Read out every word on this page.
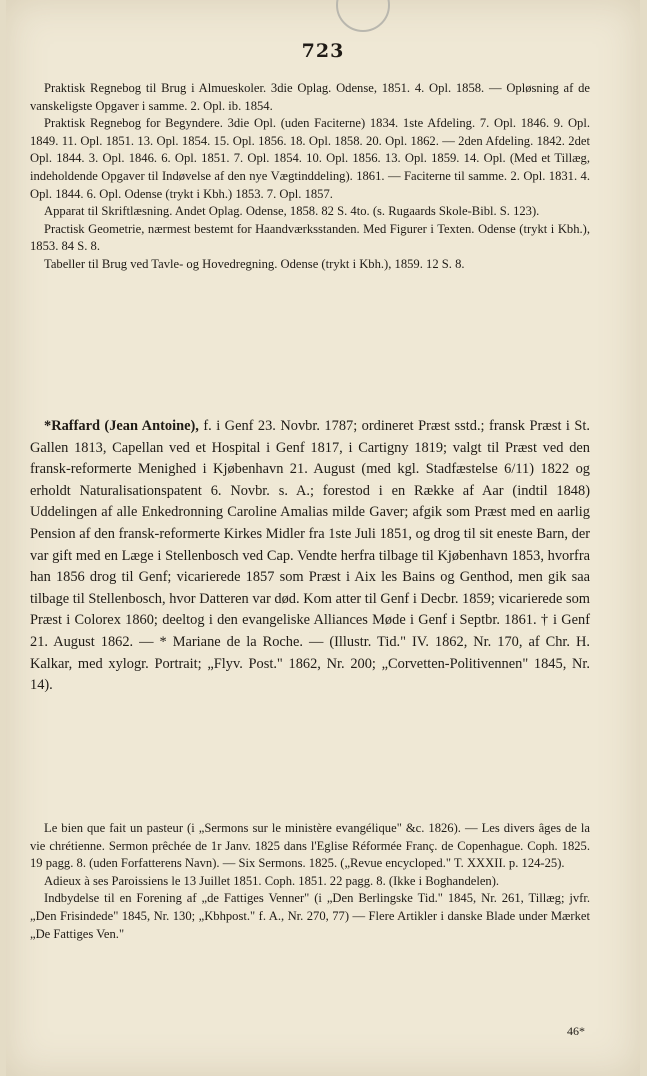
723

Praktisk Regnebog til Brug i Almueskoler. 3die Oplag. Odense, 1851. 4. Opl. 1858. — Opløsning af de vanskeligste Opgaver i samme. 2. Opl. ib. 1854.

Praktisk Regnebog for Begyndere. 3die Opl. (uden Faciterne) 1834. 1ste Afdeling. 7. Opl. 1846. 9. Opl. 1849. 11. Opl. 1851. 13. Opl. 1854. 15. Opl. 1856. 18. Opl. 1858. 20. Opl. 1862. — 2den Afdeling. 1842. 2det Opl. 1844. 3. Opl. 1846. 6. Opl. 1851. 7. Opl. 1854. 10. Opl. 1856. 13. Opl. 1859. 14. Opl. (Med et Tillæg, indeholdende Opgaver til Indøvelse af den nye Vægtinddeling). 1861. — Faciterne til samme. 2. Opl. 1831. 4. Opl. 1844. 6. Opl. Odense (trykt i Kbh.) 1853. 7. Opl. 1857.

Apparat til Skriftlæsning. Andet Oplag. Odense, 1858. 82 S. 4to. (s. Rugaards Skole-Bibl. S. 123).

Practisk Geometrie, nærmest bestemt for Haandværksstanden. Med Figurer i Texten. Odense (trykt i Kbh.), 1853. 84 S. 8.

Tabeller til Brug ved Tavle- og Hovedregning. Odense (trykt i Kbh.), 1859. 12 S. 8.

*Raffard (Jean Antoine), f. i Genf 23. Novbr. 1787; ordineret Præst sstd.; fransk Præst i St. Gallen 1813, Capellan ved et Hospital i Genf 1817, i Cartigny 1819; valgt til Præst ved den fransk-reformerte Menighed i Kjøbenhavn 21. August (med kgl. Stadfæstelse 6/11) 1822 og erholdt Naturalisationspatent 6. Novbr. s. A.; forestod i en Række af Aar (indtil 1848) Uddelingen af alle Enkedronning Caroline Amalias milde Gaver; afgik som Præst med en aarlig Pension af den fransk-reformerte Kirkes Midler fra 1ste Juli 1851, og drog til sit eneste Barn, der var gift med en Læge i Stellenbosch ved Cap. Vendte herfra tilbage til Kjøbenhavn 1853, hvorfra han 1856 drog til Genf; vicarierede 1857 som Præst i Aix les Bains og Genthod, men gik saa tilbage til Stellenbosch, hvor Datteren var død. Kom atter til Genf i Decbr. 1859; vicarierede som Præst i Colorex 1860; deeltog i den evangeliske Alliances Møde i Genf i Septbr. 1861. † i Genf 21. August 1862. — * Mariane de la Roche. — (Illustr. Tid." IV. 1862, Nr. 170, af Chr. H. Kalkar, med xylogr. Portrait; „Flyv. Post." 1862, Nr. 200; „Corvetten-Politivennen" 1845, Nr. 14).

Le bien que fait un pasteur (i „Sermons sur le ministère evangélique" &c. 1826). — Les divers âges de la vie chrétienne. Sermon prêchée de 1r Janv. 1825 dans l'Eglise Réformée Franç. de Copenhague. Coph. 1825. 19 pagg. 8. (uden Forfatterens Navn). — Six Sermons. 1825. („Revue encycloped." T. XXXII. p. 124-25).

Adieux à ses Paroissiens le 13 Juillet 1851. Coph. 1851. 22 pagg. 8. (Ikke i Boghandelen).

Indbydelse til en Forening af „de Fattiges Venner" (i „Den Berlingske Tid." 1845, Nr. 261, Tillæg; jvfr. „Den Frisindede" 1845, Nr. 130; „Kbhpost." f. A., Nr. 270, 77) — Flere Artikler i danske Blade under Mærket „De Fattiges Ven."

46*
